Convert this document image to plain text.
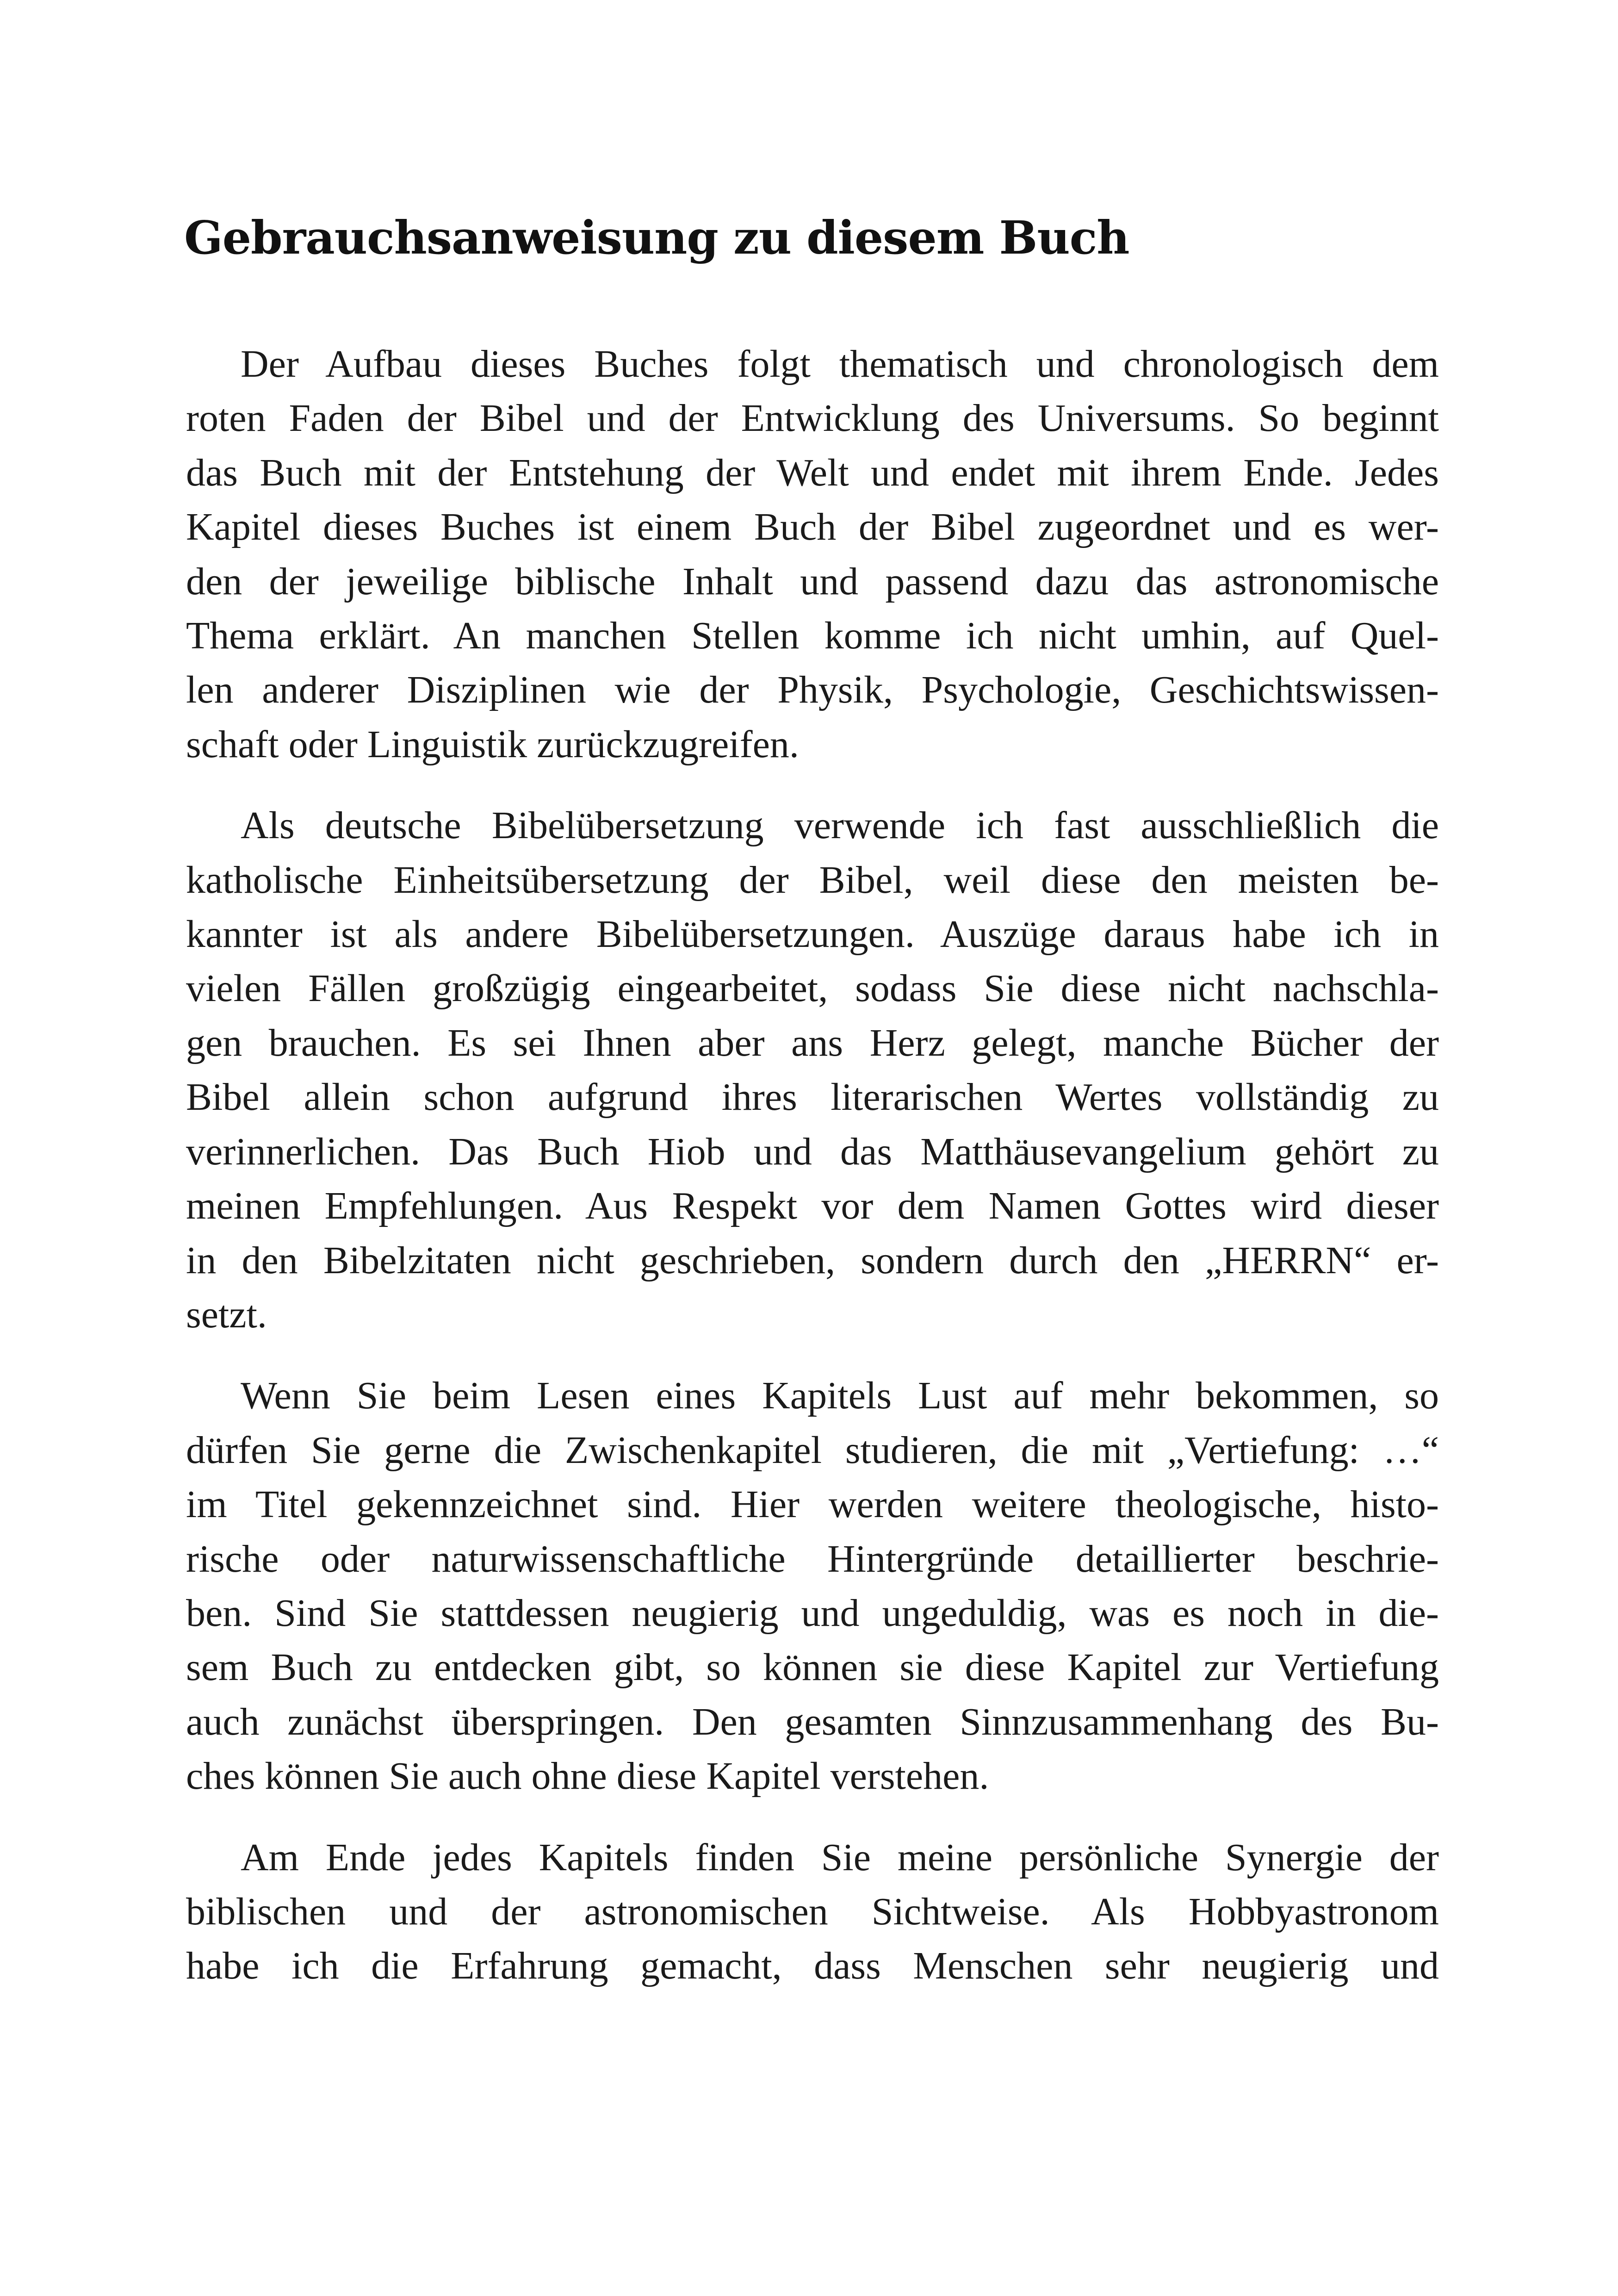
Gebrauchsanweisung zu diesem Buch

Der Aufbau dieses Buches folgt thematisch und chronologisch dem
roten Faden der Bibel und der Entwicklung des Universums. So beginnt
das Buch mit der Entstehung der Welt und endet mit ihrem Ende. Jedes
Kapitel dieses Buches ist einem Buch der Bibel zugeordnet und es wer-
den der jeweilige biblische Inhalt und passend dazu das astronomische
Thema erklärt. An manchen Stellen komme ich nicht umhin, auf Quel-
len anderer Disziplinen wie der Physik, Psychologie, Geschichtswissen-
schaft oder Linguistik zurückzugreifen.

Als deutsche Bibelübersetzung verwende ich fast ausschließlich die
katholische Einheitsübersetzung der Bibel, weil diese den meisten be-
kannter ist als andere Bibelübersetzungen. Auszüge daraus habe ich in
vielen Fällen großzügig eingearbeitet, sodass Sie diese nicht nachschla-
gen brauchen. Es sei Ihnen aber ans Herz gelegt, manche Bücher der
Bibel allein schon aufgrund ihres literarischen Wertes vollständig zu
verinnerlichen. Das Buch Hiob und das Matthäusevangelium gehört zu
meinen Empfehlungen. Aus Respekt vor dem Namen Gottes wird dieser
in den Bibelzitaten nicht geschrieben, sondern durch den „HERRN“ er-
setzt.

Wenn Sie beim Lesen eines Kapitels Lust auf mehr bekommen, so
dürfen Sie gerne die Zwischenkapitel studieren, die mit „Vertiefung: …“
im Titel gekennzeichnet sind. Hier werden weitere theologische, histo-
rische oder naturwissenschaftliche Hintergründe detaillierter beschrie-
ben. Sind Sie stattdessen neugierig und ungeduldig, was es noch in die-
sem Buch zu entdecken gibt, so können sie diese Kapitel zur Vertiefung
auch zunächst überspringen. Den gesamten Sinnzusammenhang des Bu-
ches können Sie auch ohne diese Kapitel verstehen.

Am Ende jedes Kapitels finden Sie meine persönliche Synergie der
biblischen und der astronomischen Sichtweise. Als Hobbyastronom
habe ich die Erfahrung gemacht, dass Menschen sehr neugierig und
